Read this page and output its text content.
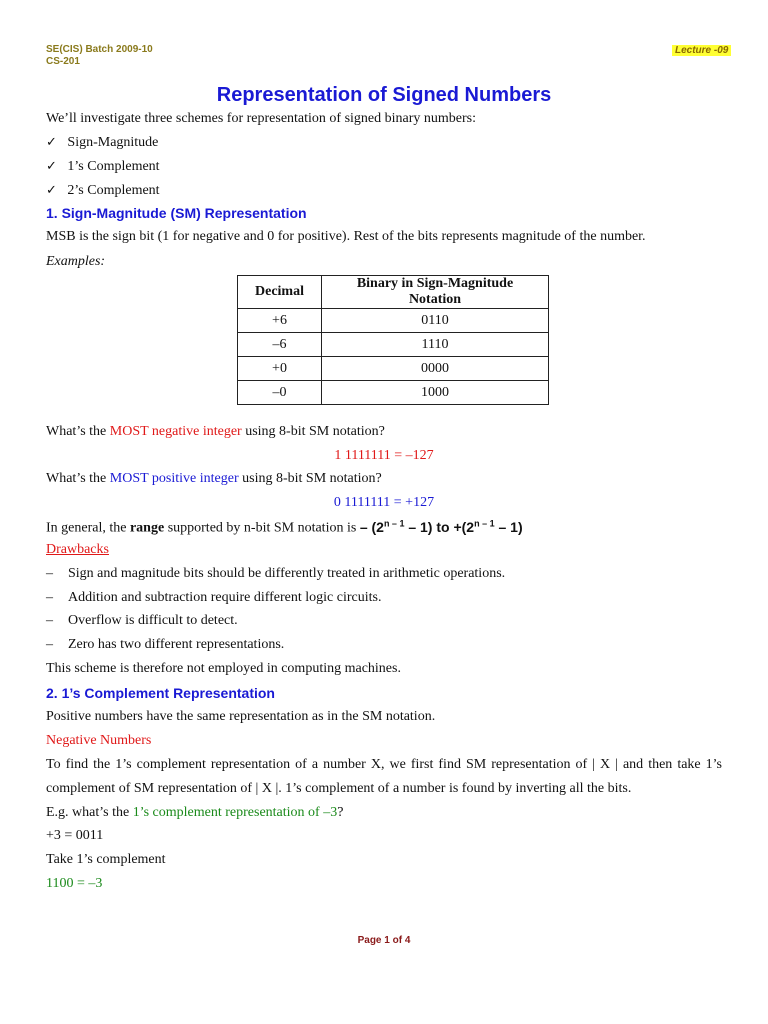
SE(CIS) Batch 2009-10
CS-201
Lecture -09
Representation of Signed Numbers
We’ll investigate three schemes for representation of signed binary numbers:
✓ Sign-Magnitude
✓ 1’s Complement
✓ 2’s Complement
1. Sign-Magnitude (SM) Representation
MSB is the sign bit (1 for negative and 0 for positive). Rest of the bits represents magnitude of the number.
Examples:
Decimal	Binary in Sign-Magnitude Notation
+6	0110
–6	1110
+0	0000
–0	1000
What’s the MOST negative integer using 8-bit SM notation?
1 1111111 = –127
What’s the MOST positive integer using 8-bit SM notation?
0 1111111 = +127
In general, the range supported by n-bit SM notation is – (2$^{n - 1}$ – 1) to $+(2^{n - 1} - 1)$
Drawbacks
– Sign and magnitude bits should be differently treated in arithmetic operations.
– Addition and subtraction require different logic circuits.
– Overflow is difficult to detect.
– Zero has two different representations.
This scheme is therefore not employed in computing machines.
2. 1’s Complement Representation
Positive numbers have the same representation as in the SM notation.
Negative Numbers
To find the 1’s complement representation of a number X, we first find SM representation of | X | and then take 1’s
complement of SM representation of | X |. 1’s complement of a number is found by inverting all the bits.
E.g. what’s the 1’s complement representation of –3?
+3 = 0011
Take 1’s complement
1100 = –3
Page 1 of 4
